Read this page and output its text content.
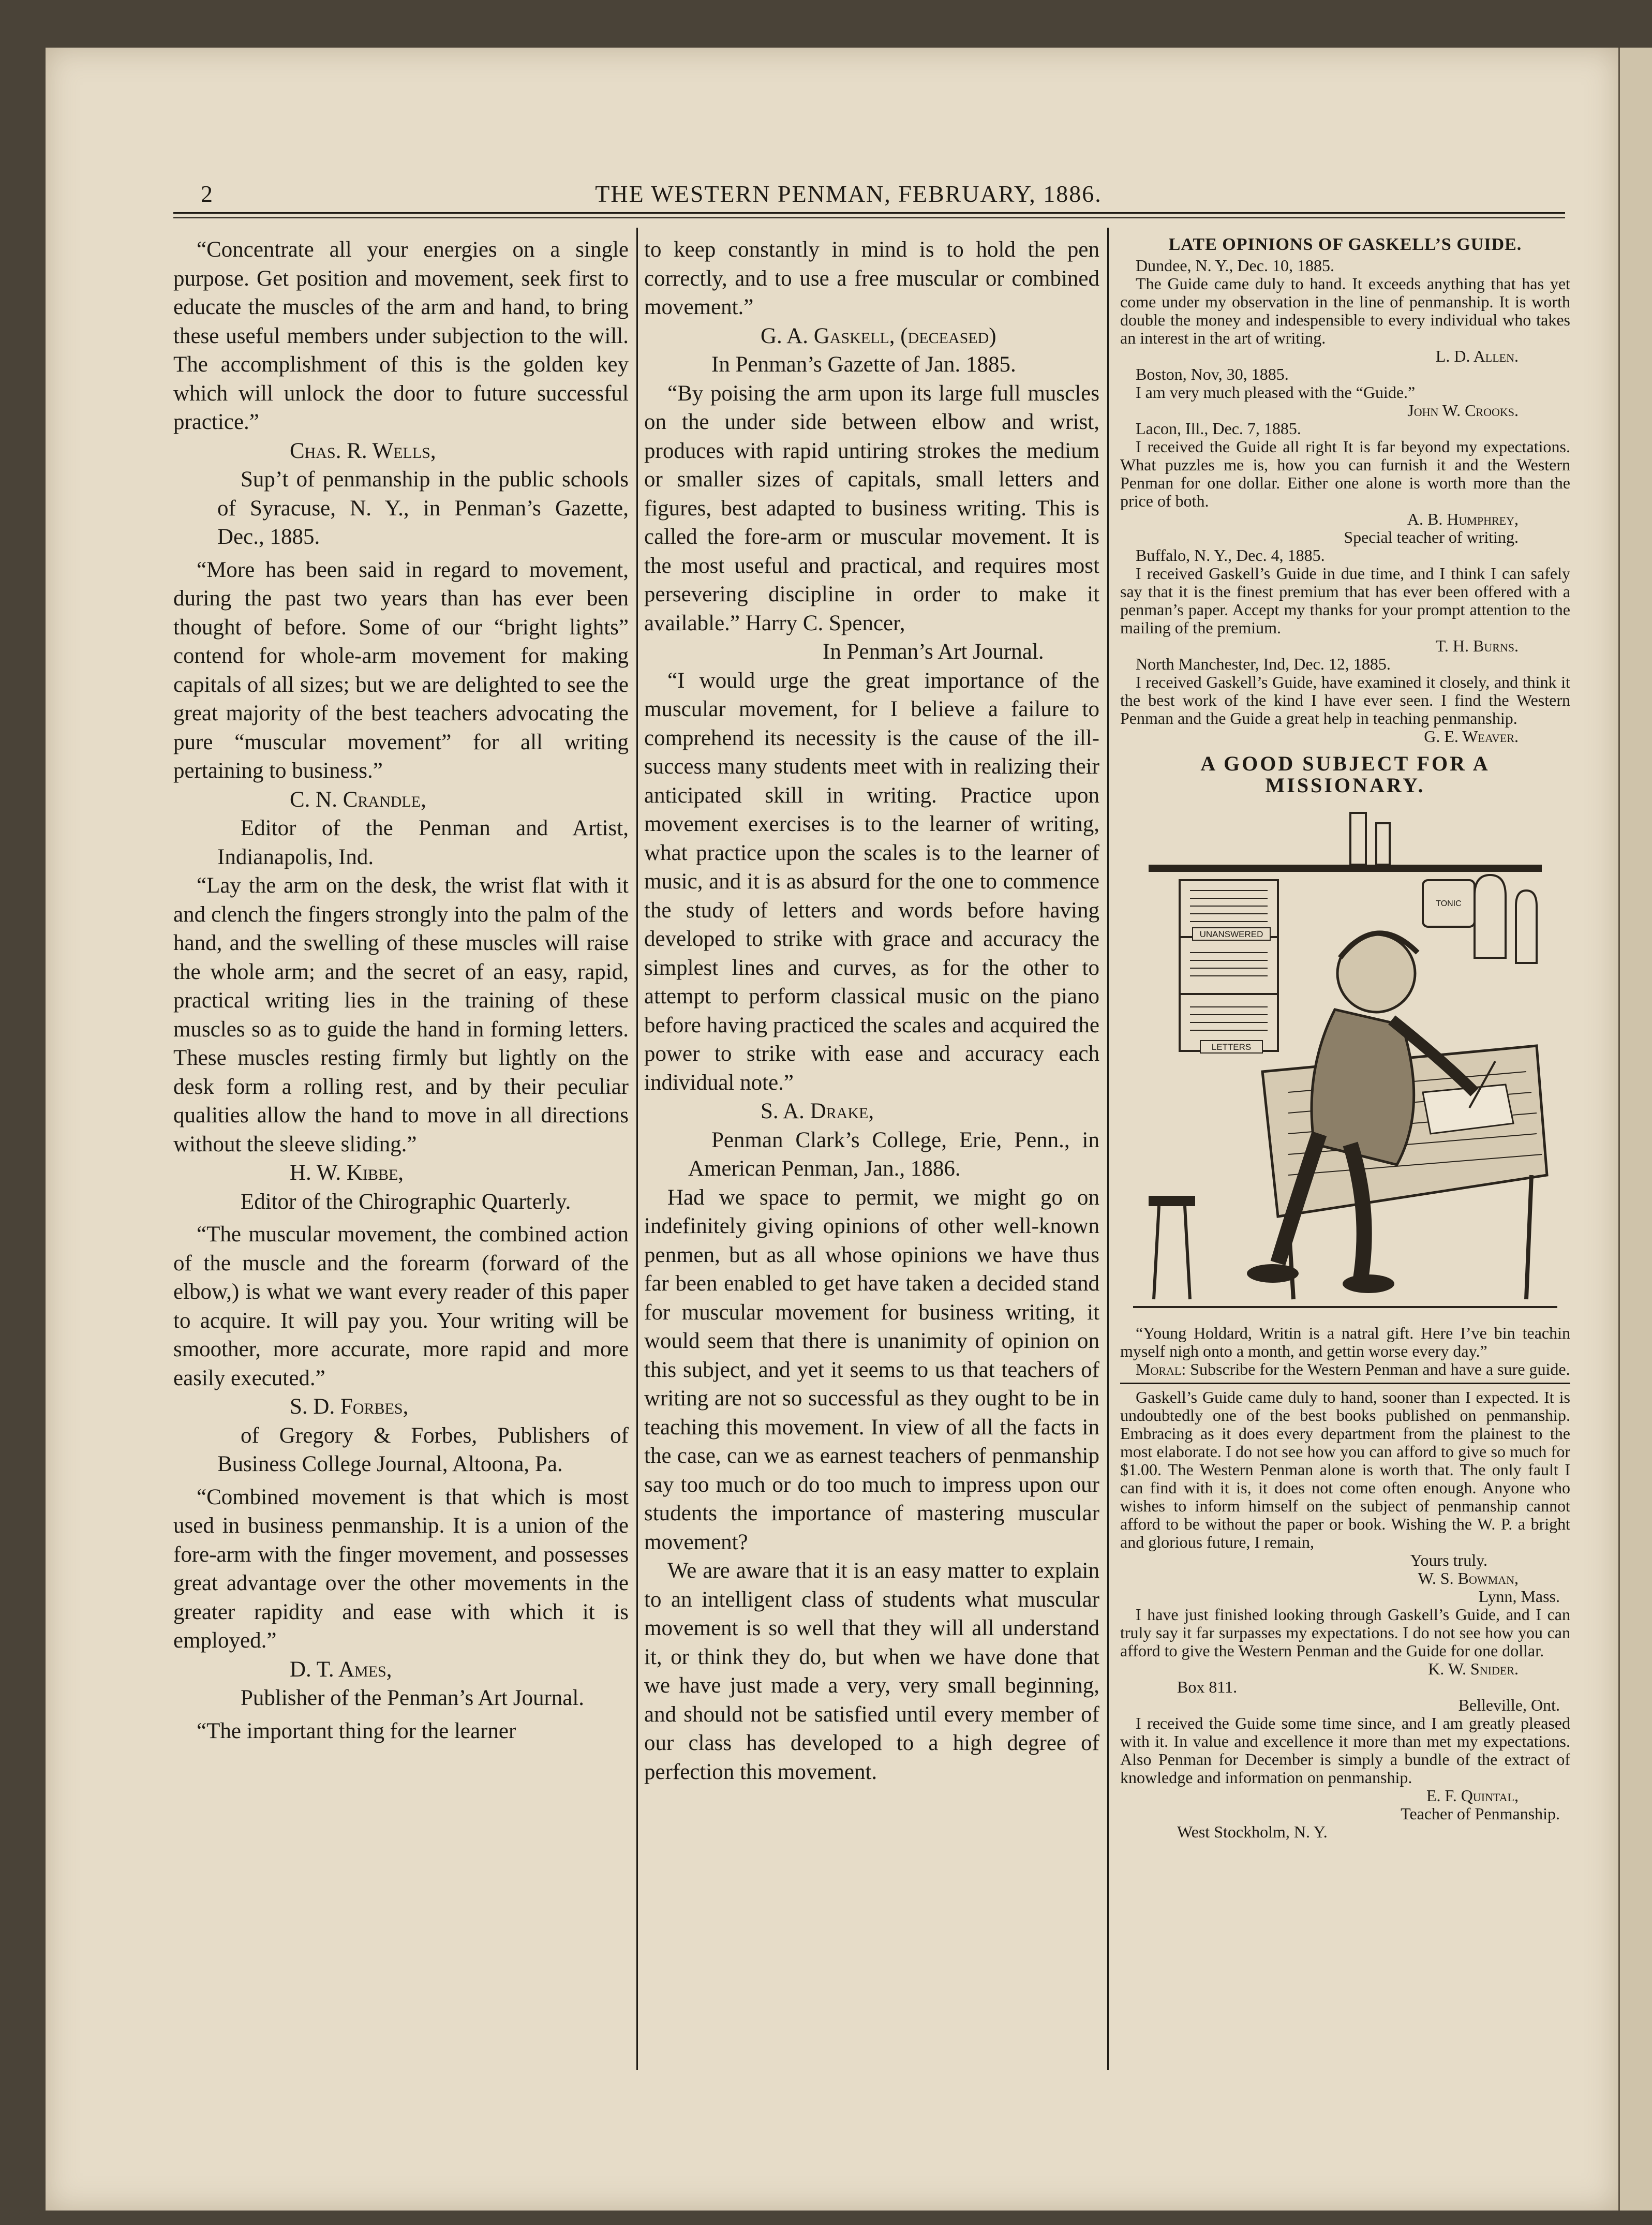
2	THE WESTERN PENMAN, FEBRUARY, 1886.

“Concentrate all your energies on a single purpose. Get position and movement, seek first to educate the muscles of the arm and hand, to bring these useful members under subjection to the will. The accomplishment of this is the golden key which will unlock the door to future successful practice.”

Chas. R. Wells,

Sup’t of penmanship in the public schools of Syracuse, N. Y., in Penman’s Gazette, Dec., 1885.

“More has been said in regard to movement, during the past two years than has ever been thought of before. Some of our “bright lights” contend for whole-arm movement for making capitals of all sizes; but we are delighted to see the great majority of the best teachers advocating the pure “muscular movement” for all writing pertaining to business.”

C. N. Crandle,

Editor of the Penman and Artist, Indianapolis, Ind.

“Lay the arm on the desk, the wrist flat with it and clench the fingers strongly into the palm of the hand, and the swelling of these muscles will raise the whole arm; and the secret of an easy, rapid, practical writing lies in the training of these muscles so as to guide the hand in forming letters. These muscles resting firmly but lightly on the desk form a rolling rest, and by their peculiar qualities allow the hand to move in all directions without the sleeve sliding.”

H. W. Kibbe,

Editor of the Chirographic Quarterly.

“The muscular movement, the combined action of the muscle and the forearm (forward of the elbow,) is what we want every reader of this paper to acquire. It will pay you. Your writing will be smoother, more accurate, more rapid and more easily executed.”

S. D. Forbes,

of Gregory & Forbes, Publishers of Business College Journal, Altoona, Pa.

“Combined movement is that which is most used in business penmanship. It is a union of the fore-arm with the finger movement, and possesses great advantage over the other movements in the greater rapidity and ease with which it is employed.”

D. T. Ames,

Publisher of the Penman’s Art Journal.

“The important thing for the learner

to keep constantly in mind is to hold the pen correctly, and to use a free muscular or combined movement.”

G. A. Gaskell, (deceased)

In Penman’s Gazette of Jan. 1885.

“By poising the arm upon its large full muscles on the under side between elbow and wrist, produces with rapid untiring strokes the medium or smaller sizes of capitals, small letters and figures, best adapted to business writing. This is called the fore-arm or muscular movement. It is the most useful and practical, and requires most persevering discipline in order to make it available.” Harry C. Spencer,

In Penman’s Art Journal.

“I would urge the great importance of the muscular movement, for I believe a failure to comprehend its necessity is the cause of the ill-success many students meet with in realizing their anticipated skill in writing. Practice upon movement exercises is to the learner of writing, what practice upon the scales is to the learner of music, and it is as absurd for the one to commence the study of letters and words before having developed to strike with grace and accuracy the simplest lines and curves, as for the other to attempt to perform classical music on the piano before having practiced the scales and acquired the power to strike with ease and accuracy each individual note.”

S. A. Drake,

Penman Clark’s College, Erie, Penn., in American Penman, Jan., 1886.

Had we space to permit, we might go on indefinitely giving opinions of other well-known penmen, but as all whose opinions we have thus far been enabled to get have taken a decided stand for muscular movement for business writing, it would seem that there is unanimity of opinion on this subject, and yet it seems to us that teachers of writing are not so successful as they ought to be in teaching this movement. In view of all the facts in the case, can we as earnest teachers of penmanship say too much or do too much to impress upon our students the importance of mastering muscular movement?

We are aware that it is an easy matter to explain to an intelligent class of students what muscular movement is so well that they will all understand it, or think they do, but when we have done that we have just made a very, very small beginning, and should not be satisfied until every member of our class has developed to a high degree of perfection this movement.

LATE OPINIONS OF GASKELL’S GUIDE.

Dundee, N. Y., Dec. 10, 1885.

The Guide came duly to hand. It exceeds anything that has yet come under my observation in the line of penmanship. It is worth double the money and indespensible to every individual who takes an interest in the art of writing.

L. D. Allen.

Boston, Nov, 30, 1885.

I am very much pleased with the “Guide.”

John W. Crooks.

Lacon, Ill., Dec. 7, 1885.

I received the Guide all right It is far beyond my expectations. What puzzles me is, how you can furnish it and the Western Penman for one dollar. Either one alone is worth more than the price of both.

A. B. Humphrey,

Special teacher of writing.

Buffalo, N. Y., Dec. 4, 1885.

I received Gaskell’s Guide in due time, and I think I can safely say that it is the finest premium that has ever been offered with a penman’s paper. Accept my thanks for your prompt attention to the mailing of the premium.

T. H. Burns.

North Manchester, Ind, Dec. 12, 1885.

I received Gaskell’s Guide, have examined it closely, and think it the best work of the kind I have ever seen. I find the Western Penman and the Guide a great help in teaching penmanship.

G. E. Weaver.

A GOOD SUBJECT FOR A MISSIONARY.
UNANSWERED
LETTERS
TONIC

“Young Holdard, Writin is a natral gift. Here I’ve bin teachin myself nigh onto a month, and gettin worse every day.”

Moral: Subscribe for the Western Penman and have a sure guide.

Gaskell’s Guide came duly to hand, sooner than I expected. It is undoubtedly one of the best books published on penmanship. Embracing as it does every department from the plainest to the most elaborate. I do not see how you can afford to give so much for $1.00. The Western Penman alone is worth that. The only fault I can find with it is, it does not come often enough. Anyone who wishes to inform himself on the subject of penmanship cannot afford to be without the paper or book. Wishing the W. P. a bright and glorious future, I remain,

Yours truly.

W. S. Bowman,

Lynn, Mass.

I have just finished looking through Gaskell’s Guide, and I can truly say it far surpasses my expectations. I do not see how you can afford to give the Western Penman and the Guide for one dollar.

K. W. Snider.

Box 811.

Belleville, Ont.

I received the Guide some time since, and I am greatly pleased with it. In value and excellence it more than met my expectations. Also Penman for December is simply a bundle of the extract of knowledge and information on penmanship.

E. F. Quintal,

Teacher of Penmanship.

West Stockholm, N. Y.
